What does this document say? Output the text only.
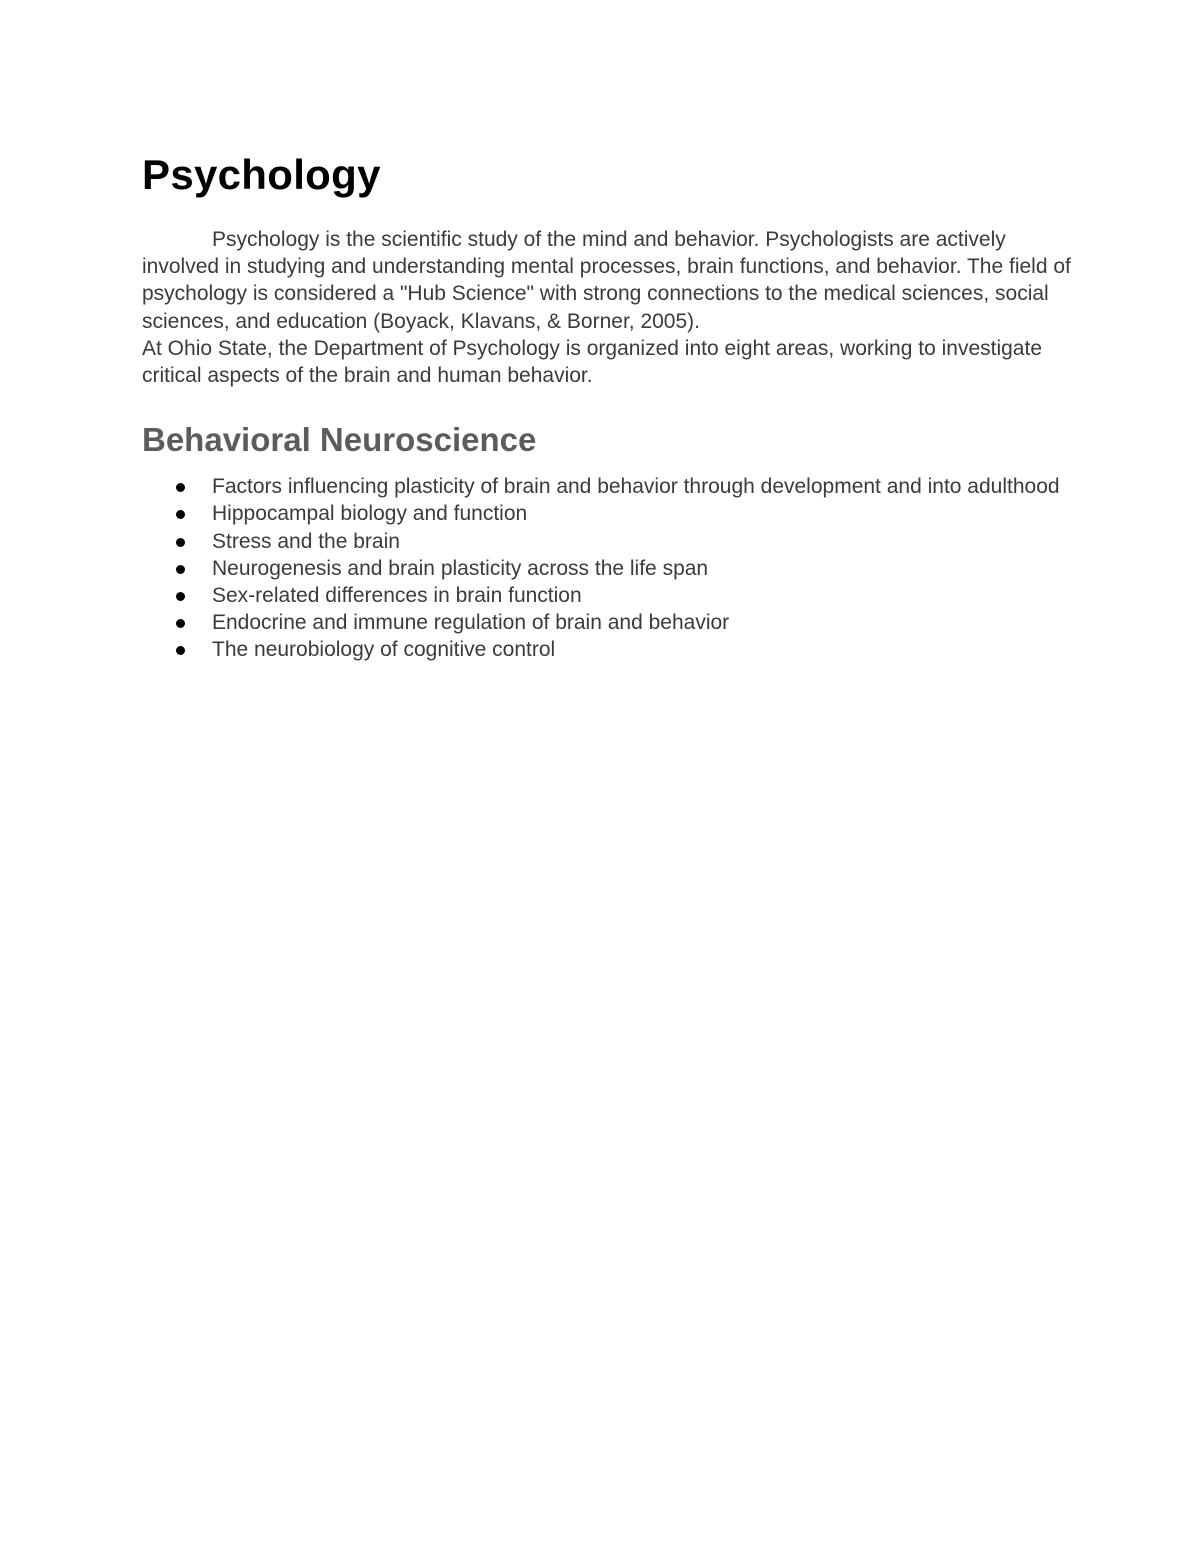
Psychology

Psychology is the scientific study of the mind and behavior. Psychologists are actively involved in studying and understanding mental processes, brain functions, and behavior. The field of psychology is considered a "Hub Science" with strong connections to the medical sciences, social sciences, and education (Boyack, Klavans, & Borner, 2005).

At Ohio State, the Department of Psychology is organized into eight areas, working to investigate critical aspects of the brain and human behavior.

Behavioral Neuroscience
Factors influencing plasticity of brain and behavior through development and into adulthood
Hippocampal biology and function
Stress and the brain
Neurogenesis and brain plasticity across the life span
Sex-related differences in brain function
Endocrine and immune regulation of brain and behavior
The neurobiology of cognitive control
